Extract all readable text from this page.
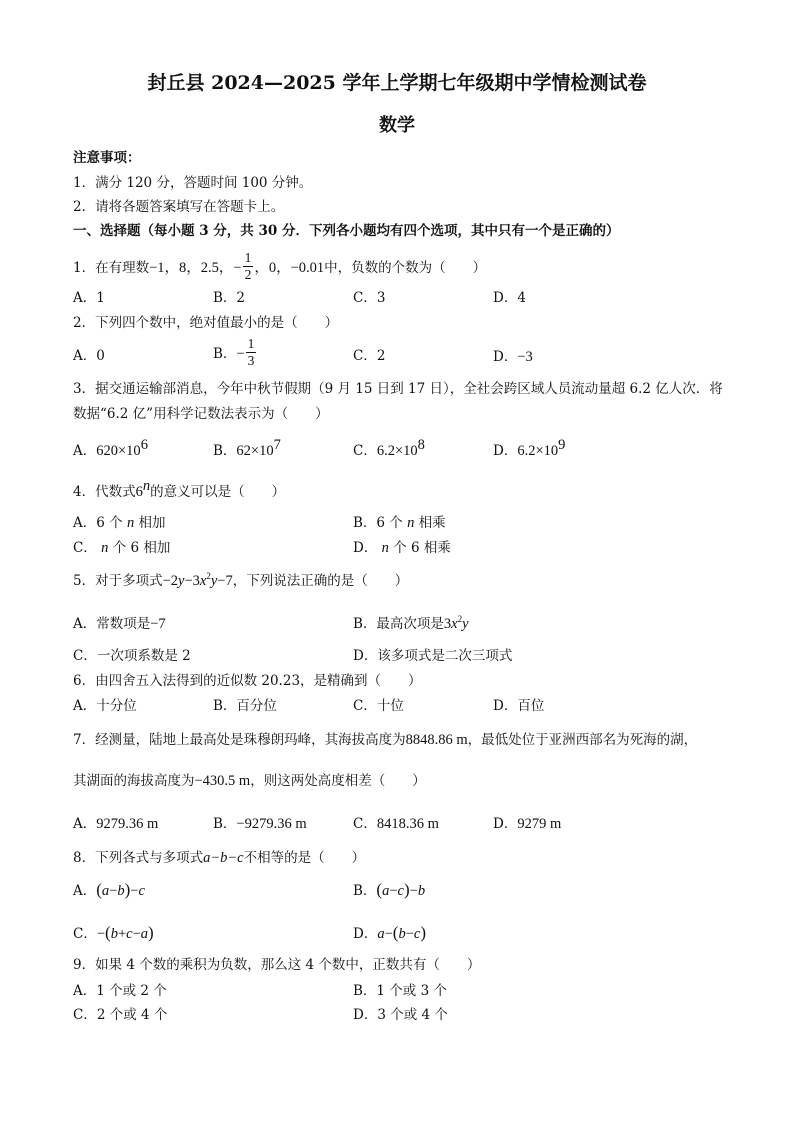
封丘县 2024—2025 学年上学期七年级期中学情检测试卷
数学
注意事项：
1．满分 120 分，答题时间 100 分钟。
2．请将各题答案填写在答题卡上。
一、选择题（每小题 3 分，共 30 分．下列各小题均有四个选项，其中只有一个是正确的）
1．在有理数−1，8，2.5，− $\frac{1}{2}$ ，0，−0.01中，负数的个数为（　　）
A．1	B．2	C．3	D．4
2．下列四个数中，绝对值最小的是（　　）
A．0	B．− $\frac{1}{3}$	C．2	D．−3
3．据交通运输部消息，今年中秋节假期（9 月 15 日到 17 日），全社会跨区域人员流动量超 6.2 亿人次．将
数据“6.2 亿”用科学记数法表示为（　　）
A．$620\times 10^6$	B．$62\times 10^7$	C．$6.2\times 10^8$	D．$6.2\times 10^9$
4．代数式6$^n$的意义可以是（　　）
A．6 个 n 相加	B．6 个 n 相乘
C． n 个 6 相加	D． n 个 6 相乘
5．对于多项式$-2y-3x^2y-7$，下列说法正确的是（　　）
A．常数项是−7	B．最高次项是$3x^2y$
C．一次项系数是 2	D．该多项式是二次三项式
6．由四舍五入法得到的近似数 20.23，是精确到（　　）
A．十分位	B．百分位	C．十位	D．百位
7．经测量，陆地上最高处是珠穆朗玛峰，其海拔高度为8848.86 m，最低处位于亚洲西部名为死海的湖，
其湖面的海拔高度为−430.5 m，则这两处高度相差（　　）
A．9279.36 m	B．−9279.36 m	C．8418.36 m	D．9279 m
8．下列各式与多项式a−b−c不相等的是（　　）
A．(a−b)−c	B．(a−c)−b
C．−(b+c−a)	D．a−(b−c)
9．如果 4 个数的乘积为负数，那么这 4 个数中，正数共有（　　）
A．1 个或 2 个	B．1 个或 3 个
C．2 个或 4 个	D．3 个或 4 个
